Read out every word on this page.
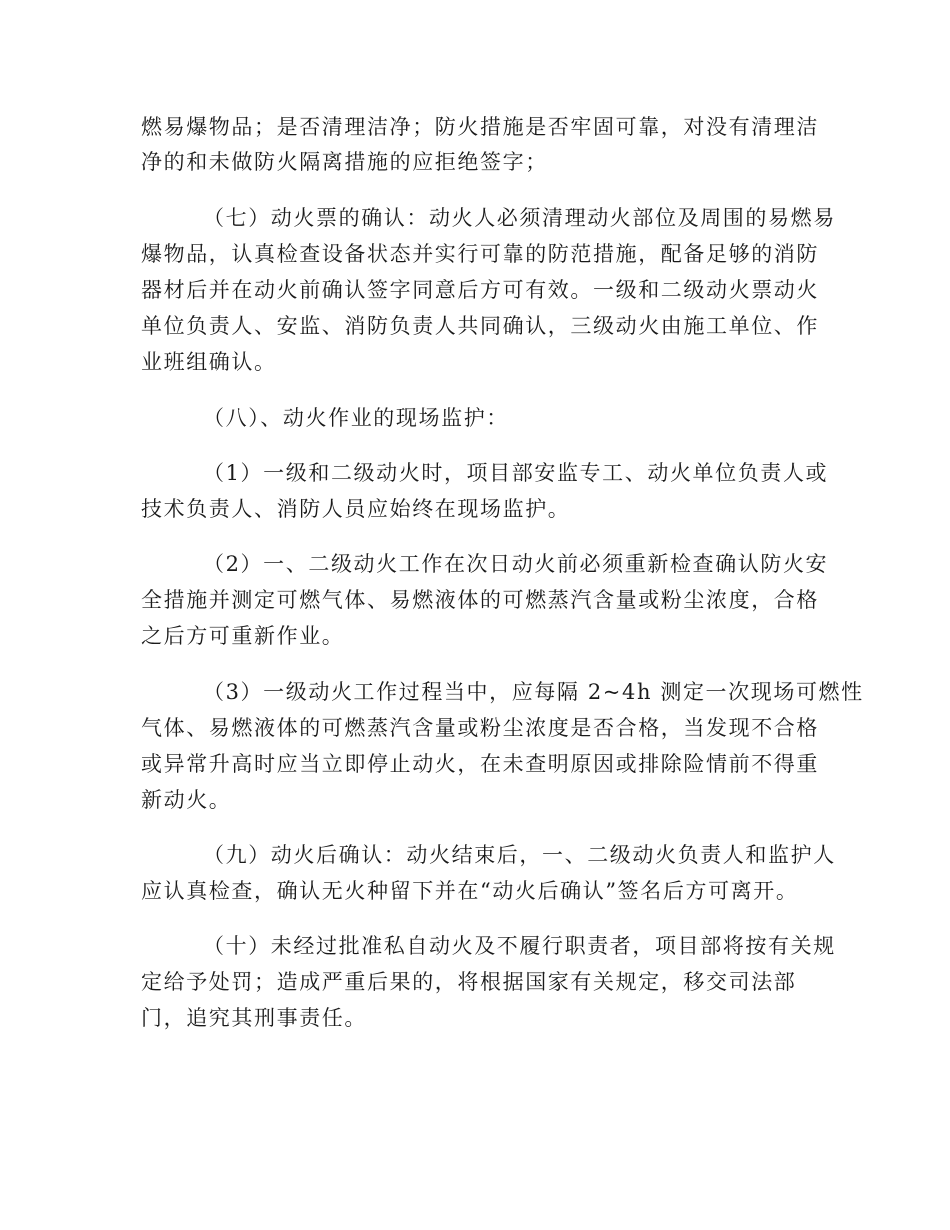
燃易爆物品；是否清理洁净；防火措施是否牢固可靠，对没有清理洁
净的和未做防火隔离措施的应拒绝签字；
（七）动火票的确认：动火人必须清理动火部位及周围的易燃易
爆物品，认真检查设备状态并实行可靠的防范措施，配备足够的消防
器材后并在动火前确认签字同意后方可有效。一级和二级动火票动火
单位负责人、安监、消防负责人共同确认，三级动火由施工单位、作
业班组确认。
（八）、动火作业的现场监护：
（1）一级和二级动火时，项目部安监专工、动火单位负责人或
技术负责人、消防人员应始终在现场监护。
（2）一、二级动火工作在次日动火前必须重新检查确认防火安
全措施并测定可燃气体、易燃液体的可燃蒸汽含量或粉尘浓度，合格
之后方可重新作业。
（3）一级动火工作过程当中，应每隔 2~4h 测定一次现场可燃性
气体、易燃液体的可燃蒸汽含量或粉尘浓度是否合格，当发现不合格
或异常升高时应当立即停止动火，在未查明原因或排除险情前不得重
新动火。
（九）动火后确认：动火结束后，一、二级动火负责人和监护人
应认真检查，确认无火种留下并在“动火后确认”签名后方可离开。
（十）未经过批准私自动火及不履行职责者，项目部将按有关规
定给予处罚；造成严重后果的，将根据国家有关规定，移交司法部
门，追究其刑事责任。
